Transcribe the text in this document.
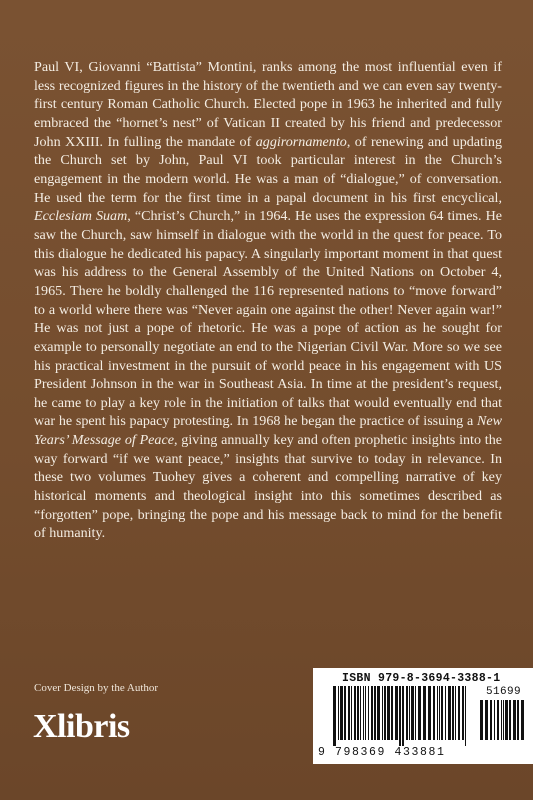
Paul VI, Giovanni “Battista” Montini, ranks among the most influential even if less recognized figures in the history of the twentieth and we can even say twenty-first century Roman Catholic Church. Elected pope in 1963 he inherited and fully embraced the “hornet’s nest” of Vatican II created by his friend and predecessor John XXIII. In fulling the mandate of aggirornamento, of renewing and updating the Church set by John, Paul VI took particular interest in the Church’s engagement in the modern world. He was a man of “dialogue,” of conversation. He used the term for the first time in a papal document in his first encyclical, Ecclesiam Suam, “Christ’s Church,” in 1964. He uses the expression 64 times. He saw the Church, saw himself in dialogue with the world in the quest for peace. To this dialogue he dedicated his papacy. A singularly important moment in that quest was his address to the General Assembly of the United Nations on October 4, 1965. There he boldly challenged the 116 represented nations to “move forward” to a world where there was “Never again one against the other! Never again war!” He was not just a pope of rhetoric. He was a pope of action as he sought for example to personally negotiate an end to the Nigerian Civil War. More so we see his practical investment in the pursuit of world peace in his engagement with US President Johnson in the war in Southeast Asia. In time at the president’s request, he came to play a key role in the initiation of talks that would eventually end that war he spent his papacy protesting. In 1968 he began the practice of issuing a New Years’ Message of Peace, giving annually key and often prophetic insights into the way forward “if we want peace,” insights that survive to today in relevance. In these two volumes Tuohey gives a coherent and compelling narrative of key historical moments and theological insight into this sometimes described as “forgotten” pope, bringing the pope and his message back to mind for the benefit of humanity.

Cover Design by the Author
Xlibris
ISBN 979-8-3694-3388-1
51699
9 798369 433881
